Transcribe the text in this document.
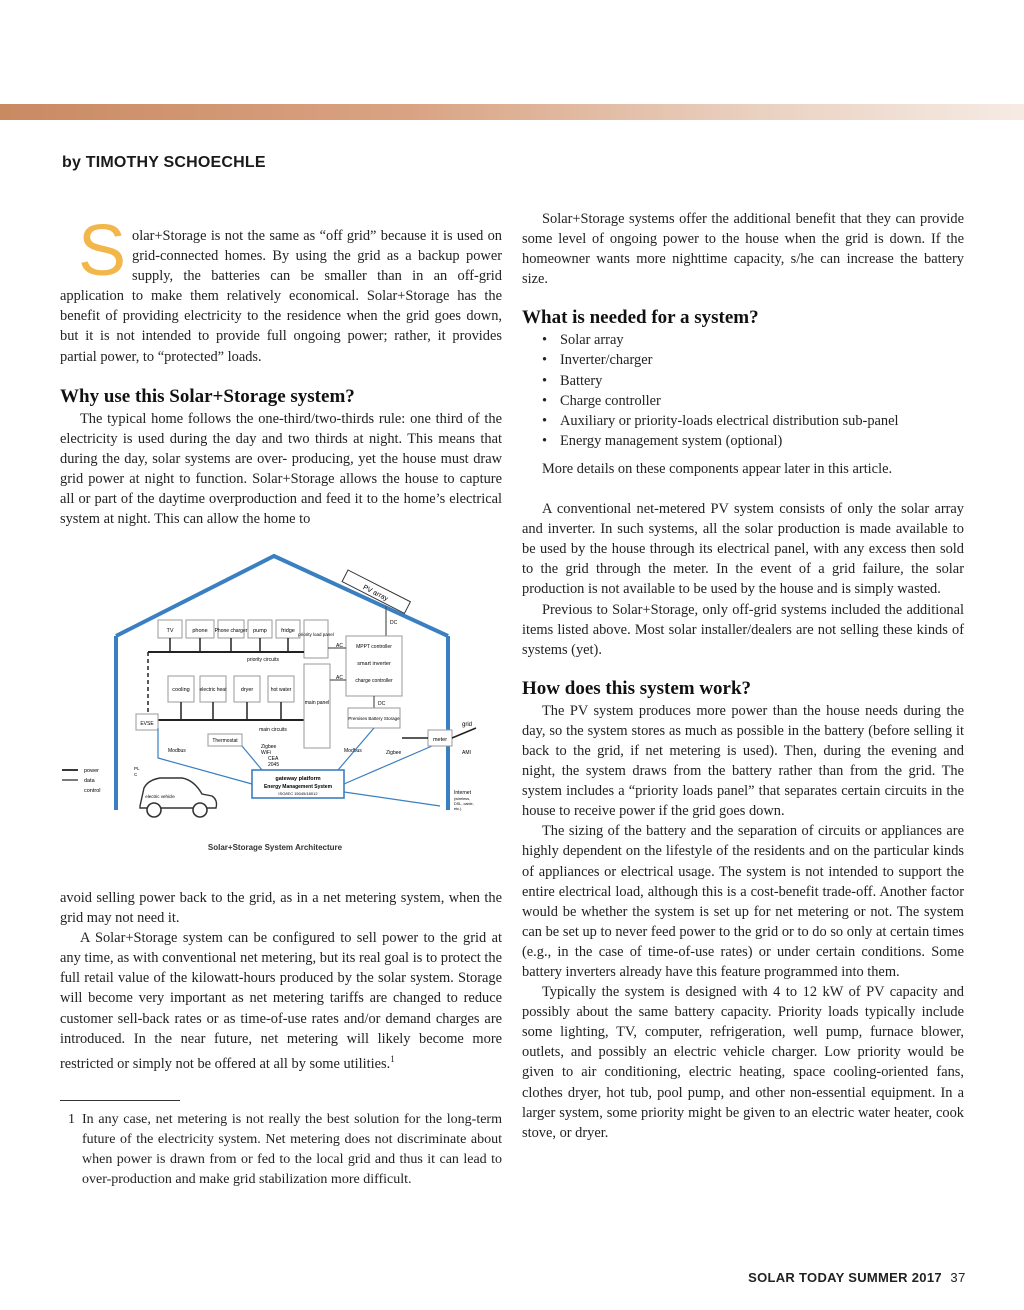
by TIMOTHY SCHOECHLE

Solar+Storage is not the same as “off grid” because it is used on grid-connected homes. By using the grid as a backup power supply, the batteries can be smaller than in an off-grid application to make them relatively economical. Solar+Storage has the benefit of providing electricity to the residence when the grid goes down, but it is not intended to provide full ongoing power; rather, it provides partial power, to “protected” loads.

Why use this Solar+Storage system?

The typical home follows the one-third/two-thirds rule: one third of the electricity is used during the day and two thirds at night. This means that during the day, solar systems are over- producing, yet the house must draw grid power at night to function. Solar+Storage allows the house to capture all or part of the daytime overproduction and feed it to the home’s electrical system at night. This can allow the home to

PV array
DC
TV	phone Phone charger pump	fridge
priority load panel
priority circuits
cooling electric heat	dryer	hot water
main circuits
main panel
MPPT controller
smart inverter
charge controller
AC
AC
DC
Premises Battery Storage
EVSE
Thermostat
Zigbee
WiFi
CEA
2045
Modbus	Modbus	Zigbee
gateway platform
Energy Management System
ISO/IEC 15045/18012
meter
grid
AMI
Internet
(wireless,
DSL, cable,
etc.)
electric vehicle
PL
C
power
data
control
Solar+Storage System Architecture

avoid selling power back to the grid, as in a net metering system, when the grid may not need it.

A Solar+Storage system can be configured to sell power to the grid at any time, as with conventional net metering, but its real goal is to protect the full retail value of the kilowatt-hours produced by the solar system. Storage will become very important as net metering tariffs are changed to reduce customer sell-back rates or as time-of-use rates and/or demand charges are introduced. In the near future, net metering will likely become more restricted or simply not be offered at all by some utilities.$^1$

1 In any case, net metering is not really the best solution for the long-term future of the electricity system. Net metering does not discriminate about when power is drawn from or fed to the local grid and thus it can lead to over-production and make grid stabilization more difficult.

Solar+Storage systems offer the additional benefit that they can provide some level of ongoing power to the house when the grid is down. If the homeowner wants more nighttime capacity, s/he can increase the battery size.

What is needed for a system?
• Solar array
• Inverter/charger
• Battery
• Charge controller
• Auxiliary or priority-loads electrical distribution sub-panel
• Energy management system (optional)

More details on these components appear later in this article.

A conventional net-metered PV system consists of only the solar array and inverter. In such systems, all the solar production is made available to be used by the house through its electrical panel, with any excess then sold to the grid through the meter. In the event of a grid failure, the solar production is not available to be used by the house and is simply wasted.

Previous to Solar+Storage, only off-grid systems included the additional items listed above. Most solar installer/dealers are not selling these kinds of systems (yet).

How does this system work?

The PV system produces more power than the house needs during the day, so the system stores as much as possible in the battery (before selling it back to the grid, if net metering is used). Then, during the evening and night, the system draws from the battery rather than from the grid. The system includes a “priority loads panel” that separates certain circuits in the house to receive power if the grid goes down.

The sizing of the battery and the separation of circuits or appliances are highly dependent on the lifestyle of the residents and on the particular kinds of appliances or electrical usage. The system is not intended to support the entire electrical load, although this is a cost-benefit trade-off. Another factor would be whether the system is set up for net metering or not. The system can be set up to never feed power to the grid or to do so only at certain times (e.g., in the case of time-of-use rates) or under certain conditions. Some battery inverters already have this feature programmed into them.

Typically the system is designed with 4 to 12 kW of PV capacity and possibly about the same battery capacity. Priority loads typically include some lighting, TV, computer, refrigeration, well pump, furnace blower, outlets, and possibly an electric vehicle charger. Low priority would be given to air conditioning, electric heating, space cooling-oriented fans, clothes dryer, hot tub, pool pump, and other non-essential equipment. In a larger system, some priority might be given to an electric water heater, cook stove, or dryer.

SOLAR TODAY SUMMER 2017 37
